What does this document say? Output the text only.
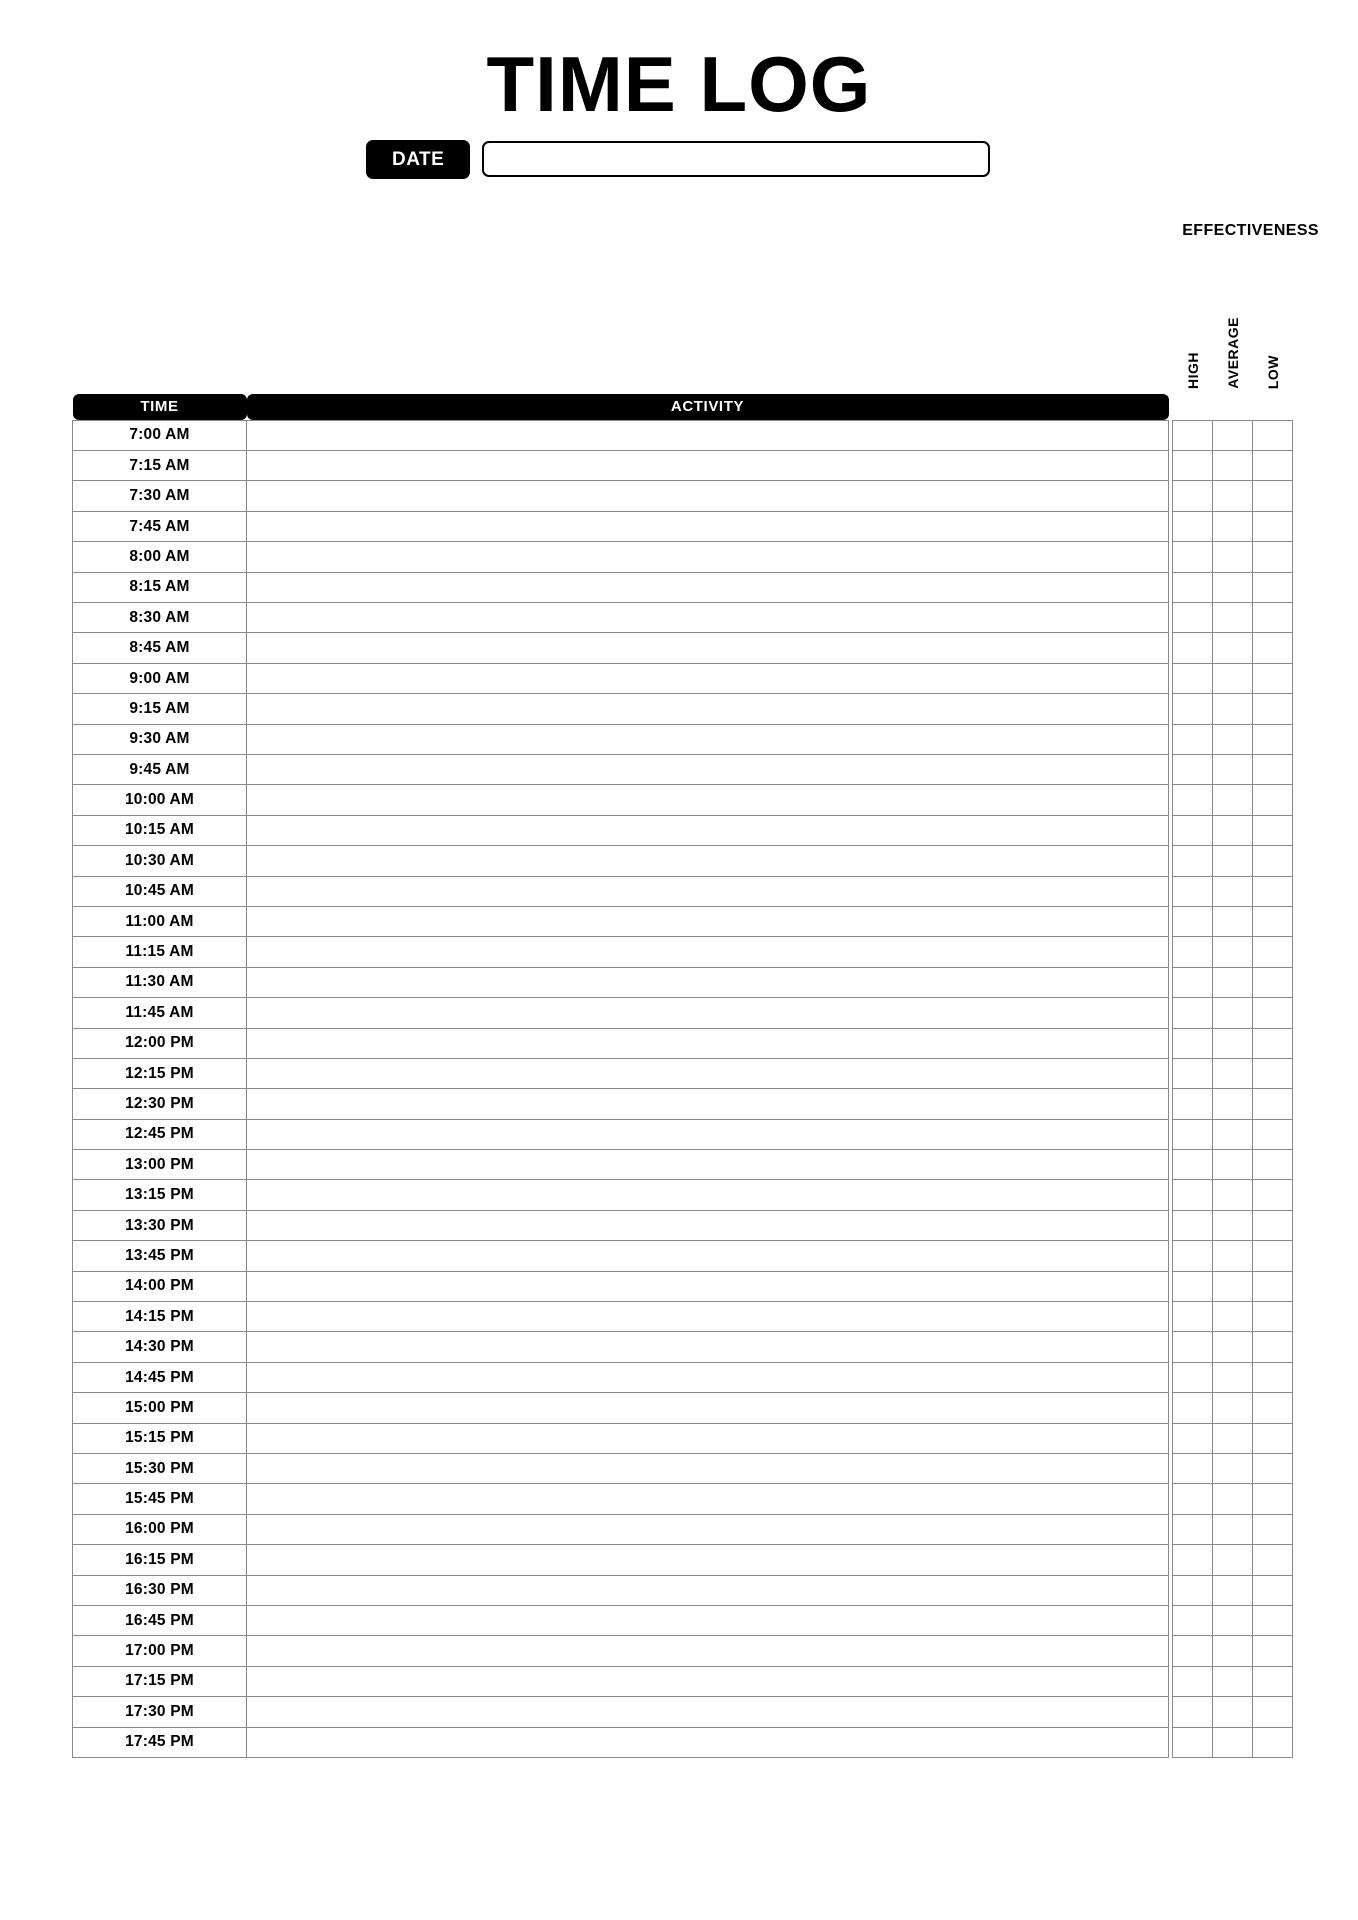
TIME LOG
DATE
EFFECTIVENESS
			HIGH	AVERAGE	LOW
TIME	ACTIVITY				
7:00 AM					
7:15 AM					
7:30 AM					
7:45 AM					
8:00 AM					
8:15 AM					
8:30 AM					
8:45 AM					
9:00 AM					
9:15 AM					
9:30 AM					
9:45 AM					
10:00 AM					
10:15 AM					
10:30 AM					
10:45 AM					
11:00 AM					
11:15 AM					
11:30 AM					
11:45 AM					
12:00 PM					
12:15 PM					
12:30 PM					
12:45 PM					
13:00 PM					
13:15 PM					
13:30 PM					
13:45 PM					
14:00 PM					
14:15 PM					
14:30 PM					
14:45 PM					
15:00 PM					
15:15 PM					
15:30 PM					
15:45 PM					
16:00 PM					
16:15 PM					
16:30 PM					
16:45 PM					
17:00 PM					
17:15 PM					
17:30 PM					
17:45 PM					
